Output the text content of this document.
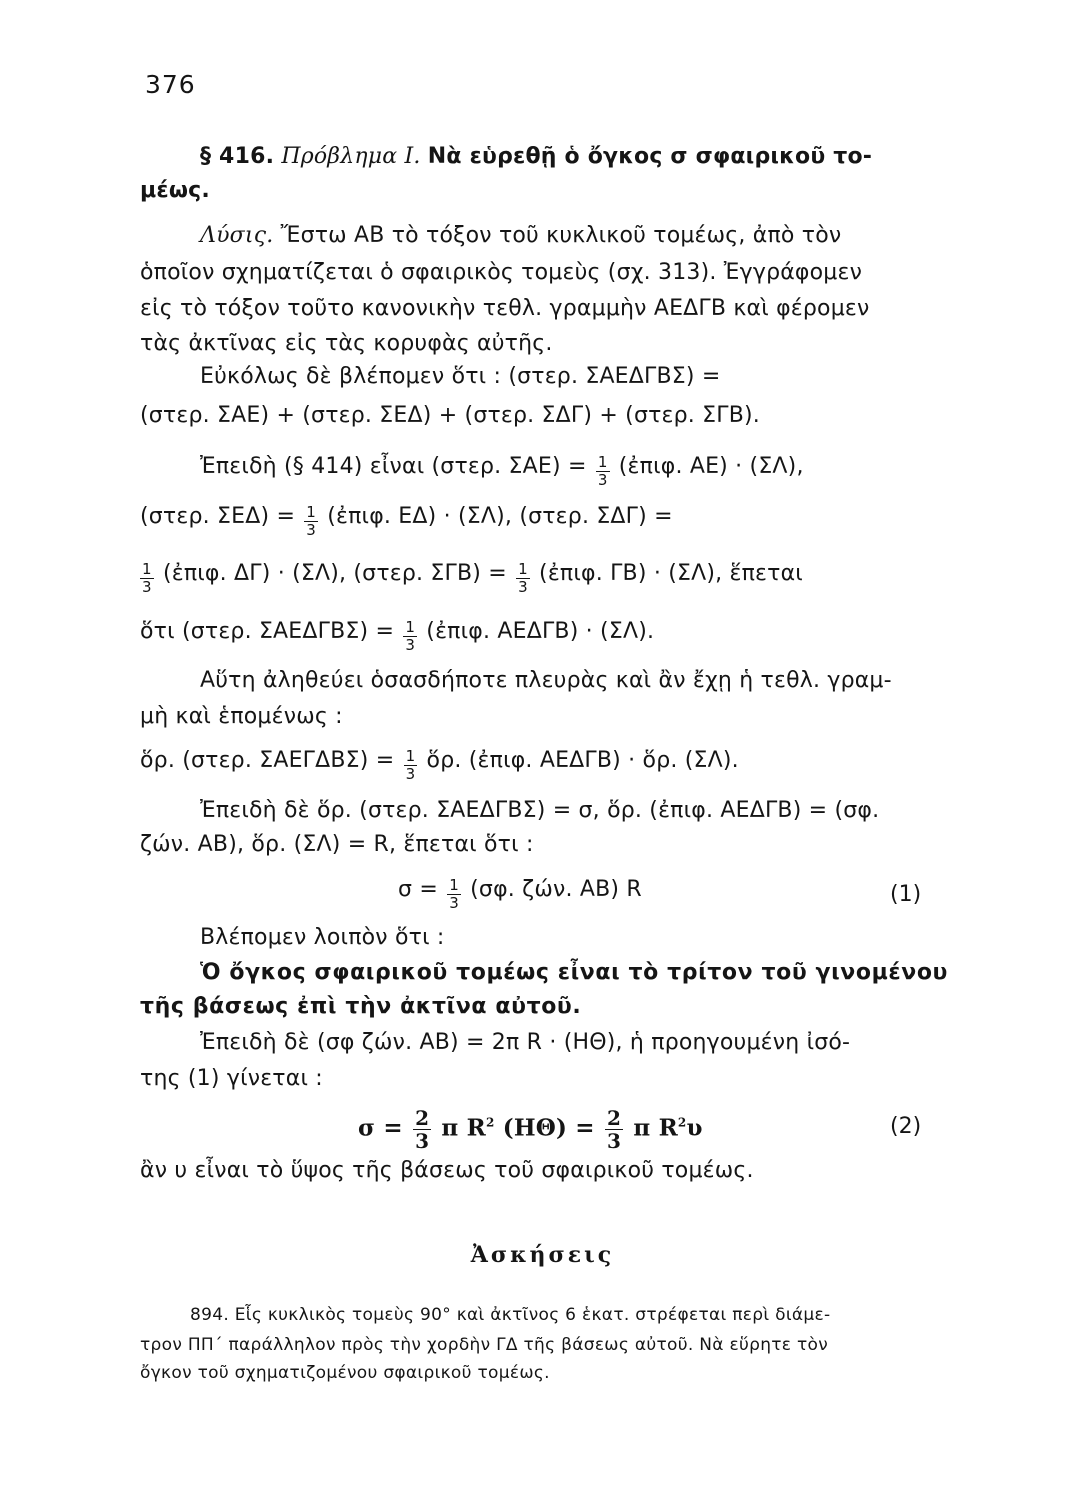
376
§ 416. Πρόβλημα Ι. Νὰ εὑρεθῇ ὁ ὄγκος σ σφαιρικοῦ το-
μέως.
Λύσις. Ἔστω ΑΒ τὸ τόξον τοῦ κυκλικοῦ τομέως, ἀπὸ τὸν
ὁποῖον σχηματίζεται ὁ σφαιρικὸς τομεὺς (σχ. 313). Ἐγγράφομεν
εἰς τὸ τόξον τοῦτο κανονικὴν τεθλ. γραμμὴν ΑΕΔΓΒ καὶ φέρομεν
τὰς ἀκτῖνας εἰς τὰς κορυφὰς αὐτῆς.
Εὐκόλως δὲ βλέπομεν ὅτι : (στερ. ΣΑΕΔΓΒΣ) =
(στερ. ΣΑΕ) + (στερ. ΣΕΔ) + (στερ. ΣΔΓ) + (στερ. ΣΓΒ).
Ἐπειδὴ (§ 414) εἶναι (στερ. $\Sigma AE) = \frac{1}{3}$ (ἐπιφ. ΑΕ) · (ΣΛ),
(στερ. $\Sigma E\Delta) = \frac{1}{3}$ (ἐπιφ. ΕΔ) · (ΣΛ), (στερ. ΣΔΓ) =
$\frac{1}{3}$ (ἐπιφ. ΔΓ) · (ΣΛ), (στερ. $\Sigma\Gamma B) = \frac{1}{3}$ (ἐπιφ. ΓΒ) · (ΣΛ), ἕπεται
ὅτι (στερ. $\Sigma AE\Delta\Gamma B\Sigma) = \frac{1}{3}$ (ἐπιφ. ΑΕΔΓΒ) · (ΣΛ).
Αὕτη ἀληθεύει ὁσασδήποτε πλευρὰς καὶ ἂν ἔχῃ ἡ τεθλ. γραμ-
μὴ καὶ ἑπομένως :
ὅρ. (στερ. $\Sigma AE\Gamma\Delta B\Sigma) = \frac{1}{3}$ ὅρ. (ἐπιφ. ΑΕΔΓΒ) · ὅρ. (ΣΛ).
Ἐπειδὴ δὲ ὅρ. (στερ. ΣΑΕΔΓΒΣ) = σ, ὅρ. (ἐπιφ. ΑΕΔΓΒ) = (σφ.
ζών. ΑΒ), ὅρ. (ΣΛ) = R, ἕπεται ὅτι :
$\sigma = \frac{1}{3} (\sigma\varphi$. ζών. ΑΒ) R	(1)
Βλέπομεν λοιπὸν ὅτι :
Ὁ ὄγκος σφαιρικοῦ τομέως εἶναι τὸ τρίτον τοῦ γινομένου
τῆς βάσεως ἐπὶ τὴν ἀκτῖνα αὐτοῦ.
Ἐπειδὴ δὲ (σφ ζών. ΑΒ) = 2π R · (ΗΘ), ἡ προηγουμένη ἰσό-
της (1) γίνεται :
$\sigma = \frac{2}{3}$ π $R^2$ $(H\Theta) = \frac{2}{3}$ π $R^2\upsilon$	(2)
ἂν υ εἶναι τὸ ὕψος τῆς βάσεως τοῦ σφαιρικοῦ τομέως.
Ἀσκήσεις
894. Εἷς κυκλικὸς τομεὺς 90° καὶ ἀκτῖνος 6 ἑκατ. στρέφεται περὶ διάμε-
τρον ΠΠ΄ παράλληλον πρὸς τὴν χορδὴν ΓΔ τῆς βάσεως αὐτοῦ. Νὰ εὕρητε τὸν
ὄγκον τοῦ σχηματιζομένου σφαιρικοῦ τομέως.
